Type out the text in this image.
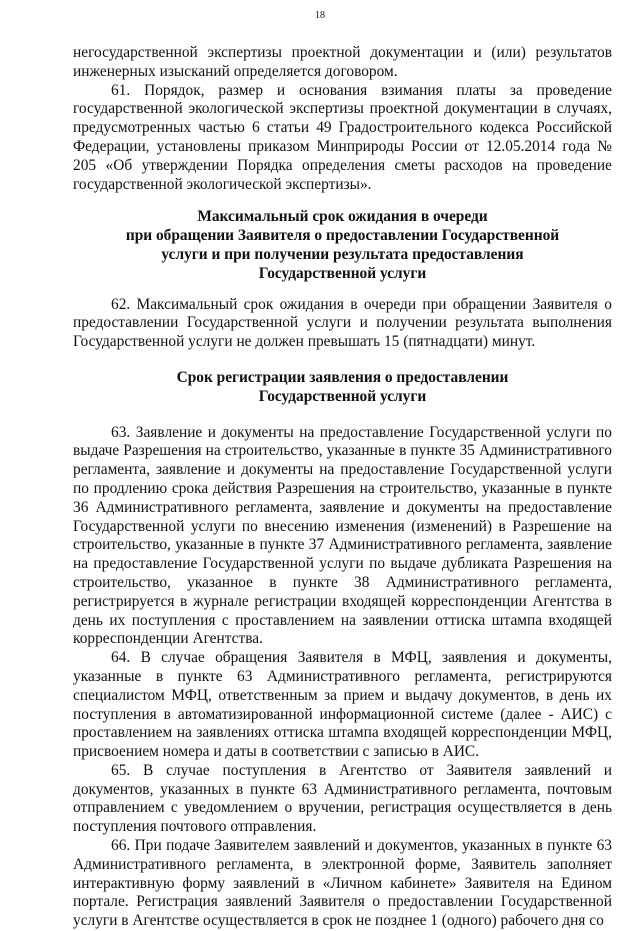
18

негосударственной экспертизы проектной документации и (или) результатов инженерных изысканий определяется договором.

61. Порядок, размер и основания взимания платы за проведение государственной экологической экспертизы проектной документации в случаях, предусмотренных частью 6 статьи 49 Градостроительного кодекса Российской Федерации, установлены приказом Минприроды России от 12.05.2014 года № 205 «Об утверждении Порядка определения сметы расходов на проведение государственной экологической экспертизы».

Максимальный срок ожидания в очереди
при обращении Заявителя о предоставлении Государственной
услуги и при получении результата предоставления
Государственной услуги

62. Максимальный срок ожидания в очереди при обращении Заявителя о предоставлении Государственной услуги и получении результата выполнения Государственной услуги не должен превышать 15 (пятнадцати) минут.

Срок регистрации заявления о предоставлении
Государственной услуги

63. Заявление и документы на предоставление Государственной услуги по выдаче Разрешения на строительство, указанные в пункте 35 Административного регламента, заявление и документы на предоставление Государственной услуги по продлению срока действия Разрешения на строительство, указанные в пункте 36 Административного регламента, заявление и документы на предоставление Государственной услуги по внесению изменения (изменений) в Разрешение на строительство, указанные в пункте 37 Административного регламента, заявление на предоставление Государственной услуги по выдаче дубликата Разрешения на строительство, указанное в пункте 38 Административного регламента, регистрируется в журнале регистрации входящей корреспонденции Агентства в день их поступления с проставлением на заявлении оттиска штампа входящей корреспонденции Агентства.

64. В случае обращения Заявителя в МФЦ, заявления и документы, указанные в пункте 63 Административного регламента, регистрируются специалистом МФЦ, ответственным за прием и выдачу документов, в день их поступления в автоматизированной информационной системе (далее - АИС) с проставлением на заявлениях оттиска штампа входящей корреспонденции МФЦ, присвоением номера и даты в соответствии с записью в АИС.

65. В случае поступления в Агентство от Заявителя заявлений и документов, указанных в пункте 63 Административного регламента, почтовым отправлением с уведомлением о вручении, регистрация осуществляется в день поступления почтового отправления.

66. При подаче Заявителем заявлений и документов, указанных в пункте 63 Административного регламента, в электронной форме, Заявитель заполняет интерактивную форму заявлений в «Личном кабинете» Заявителя на Едином портале. Регистрация заявлений Заявителя о предоставлении Государственной услуги в Агентстве осуществляется в срок не позднее 1 (одного) рабочего дня со
